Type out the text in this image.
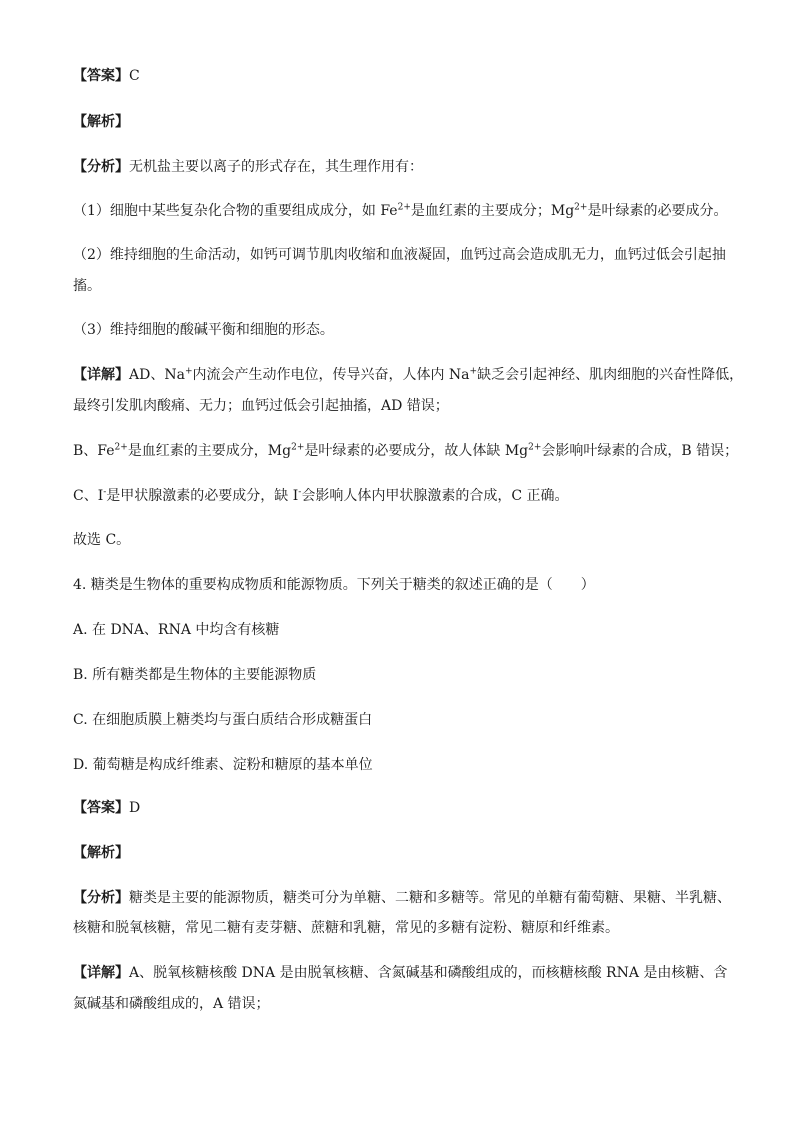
【答案】C
【解析】
【分析】无机盐主要以离子的形式存在，其生理作用有：
（1）细胞中某些复杂化合物的重要组成成分，如 $Fe^{2+}$是血红素的主要成分；$Mg^{2+}$是叶绿素的必要成分。
（2）维持细胞的生命活动，如钙可调节肌肉收缩和血液凝固，血钙过高会造成肌无力，血钙过低会引起抽
搐。
（3）维持细胞的酸碱平衡和细胞的形态。
【详解】AD、Na+内流会产生动作电位，传导兴奋，人体内 Na+缺乏会引起神经、肌肉细胞的兴奋性降低，
最终引发肌肉酸痛、无力；血钙过低会引起抽搐，AD 错误；
B、$Fe^{2+}$是血红素的主要成分，$Mg^{2+}$是叶绿素的必要成分，故人体缺 $Mg^{2+}$会影响叶绿素的合成，B 错误；
C、I-是甲状腺激素的必要成分，缺 I-会影响人体内甲状腺激素的合成，C 正确。
故选 C。
4. 糖类是生物体的重要构成物质和能源物质。下列关于糖类的叙述正确的是（　　）
A. 在 DNA、RNA 中均含有核糖
B. 所有糖类都是生物体的主要能源物质
C. 在细胞质膜上糖类均与蛋白质结合形成糖蛋白
D. 葡萄糖是构成纤维素、淀粉和糖原的基本单位
【答案】D
【解析】
【分析】糖类是主要的能源物质，糖类可分为单糖、二糖和多糖等。常见的单糖有葡萄糖、果糖、半乳糖、
核糖和脱氧核糖，常见二糖有麦芽糖、蔗糖和乳糖，常见的多糖有淀粉、糖原和纤维素。
【详解】A、脱氧核糖核酸 DNA 是由脱氧核糖、含氮碱基和磷酸组成的，而核糖核酸 RNA 是由核糖、含
氮碱基和磷酸组成的，A 错误；
